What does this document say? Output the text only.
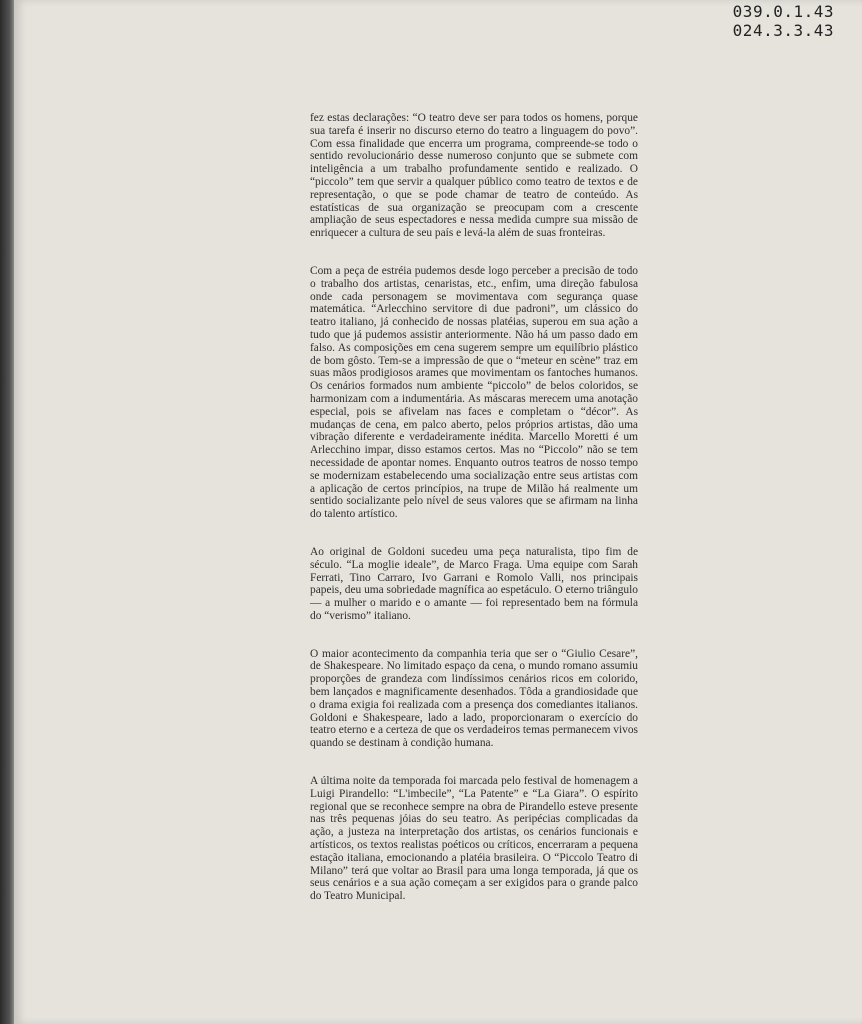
039.0.1.43
024.3.3.43

fez estas declarações: “O teatro deve ser para todos os homens, porque sua tarefa é inserir no discurso eterno do teatro a linguagem do povo”. Com essa finalidade que encerra um programa, compreende-se todo o sentido revolucionário desse numeroso conjunto que se submete com inteligência a um trabalho profundamente sentido e realizado. O “piccolo” tem que servir a qualquer público como teatro de textos e de representação, o que se pode chamar de teatro de conteúdo. As estatísticas de sua organização se preocupam com a crescente ampliação de seus espectadores e nessa medida cumpre sua missão de enriquecer a cultura de seu país e levá-la além de suas fronteiras.

Com a peça de estréia pudemos desde logo perceber a precisão de todo o trabalho dos artistas, cenaristas, etc., enfim, uma direção fabulosa onde cada personagem se movimentava com segurança quase matemática. “Arlecchino servitore di due padroni”, um clássico do teatro italiano, já conhecido de nossas platéias, superou em sua ação a tudo que já pudemos assistir anteriormente. Não há um passo dado em falso. As composições em cena sugerem sempre um equilíbrio plástico de bom gôsto. Tem-se a impressão de que o “meteur en scène” traz em suas mãos prodigiosos arames que movimentam os fantoches humanos. Os cenários formados num ambiente “piccolo” de belos coloridos, se harmonizam com a indumentária. As máscaras merecem uma anotação especial, pois se afivelam nas faces e completam o “décor”. As mudanças de cena, em palco aberto, pelos próprios artistas, dão uma vibração diferente e verdadeiramente inédita. Marcello Moretti é um Arlecchino impar, disso estamos certos. Mas no “Piccolo” não se tem necessidade de apontar nomes. Enquanto outros teatros de nosso tempo se modernizam estabelecendo uma socialização entre seus artistas com a aplicação de certos princípios, na trupe de Milão há realmente um sentido socializante pelo nível de seus valores que se afirmam na linha do talento artístico.

Ao original de Goldoni sucedeu uma peça naturalista, tipo fim de século. “La moglie ideale”, de Marco Fraga. Uma equipe com Sarah Ferrati, Tino Carraro, Ivo Garrani e Romolo Valli, nos principais papeis, deu uma sobriedade magnífica ao espetáculo. O eterno triângulo — a mulher o marido e o amante — foi representado bem na fórmula do “verismo” italiano.

O maior acontecimento da companhia teria que ser o “Giulio Cesare”, de Shakespeare. No limitado espaço da cena, o mundo romano assumiu proporções de grandeza com lindíssimos cenários ricos em colorido, bem lançados e magnificamente desenhados. Tôda a grandiosidade que o drama exigia foi realizada com a presença dos comediantes italianos. Goldoni e Shakespeare, lado a lado, proporcionaram o exercício do teatro eterno e a certeza de que os verdadeiros temas permanecem vivos quando se destinam à condição humana.

A última noite da temporada foi marcada pelo festival de homenagem a Luigi Pirandello: “L'imbecile”, “La Patente” e “La Giara”. O espírito regional que se reconhece sempre na obra de Pirandello esteve presente nas três pequenas jóias do seu teatro. As peripécias complicadas da ação, a justeza na interpretação dos artistas, os cenários funcionais e artísticos, os textos realistas poéticos ou críticos, encerraram a pequena estação italiana, emocionando a platéia brasileira. O “Piccolo Teatro di Milano” terá que voltar ao Brasil para uma longa temporada, já que os seus cenários e a sua ação começam a ser exigidos para o grande palco do Teatro Municipal.
